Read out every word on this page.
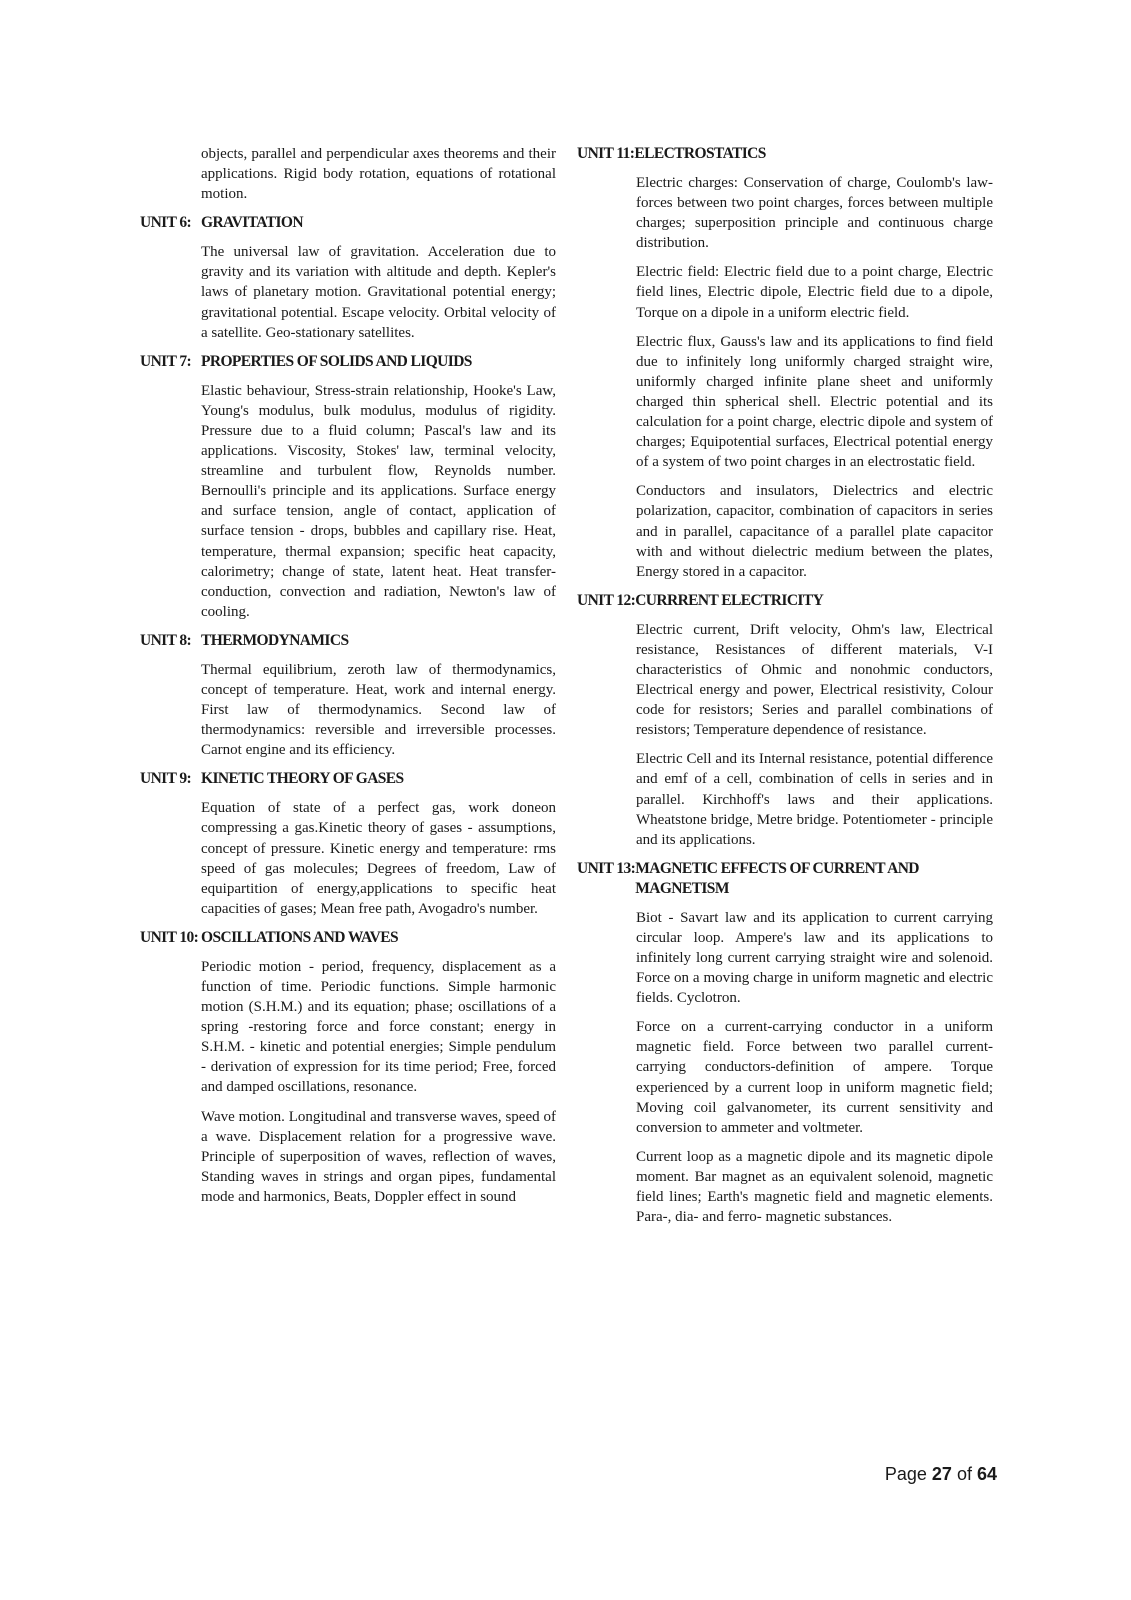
objects, parallel and perpendicular axes theorems and their applications. Rigid body rotation, equations of rotational motion.

UNIT 6: GRAVITATION

The universal law of gravitation. Acceleration due to gravity and its variation with altitude and depth. Kepler's laws of planetary motion. Gravitational potential energy; gravitational potential. Escape velocity. Orbital velocity of a satellite. Geo-stationary satellites.

UNIT 7: PROPERTIES OF SOLIDS AND LIQUIDS

Elastic behaviour, Stress-strain relationship, Hooke's Law, Young's modulus, bulk modulus, modulus of rigidity. Pressure due to a fluid column; Pascal's law and its applications. Viscosity, Stokes' law, terminal velocity, streamline and turbulent flow, Reynolds number. Bernoulli's principle and its applications. Surface energy and surface tension, angle of contact, application of surface tension - drops, bubbles and capillary rise. Heat, temperature, thermal expansion; specific heat capacity, calorimetry; change of state, latent heat. Heat transfer-conduction, convection and radiation, Newton's law of cooling.

UNIT 8: THERMODYNAMICS

Thermal equilibrium, zeroth law of thermodynamics, concept of temperature. Heat, work and internal energy. First law of thermodynamics. Second law of thermodynamics: reversible and irreversible processes. Carnot engine and its efficiency.

UNIT 9: KINETIC THEORY OF GASES

Equation of state of a perfect gas, work doneon compressing a gas.Kinetic theory of gases - assumptions, concept of pressure. Kinetic energy and temperature: rms speed of gas molecules; Degrees of freedom, Law of equipartition of energy,applications to specific heat capacities of gases; Mean free path, Avogadro's number.

UNIT 10: OSCILLATIONS AND WAVES

Periodic motion - period, frequency, displacement as a function of time. Periodic functions. Simple harmonic motion (S.H.M.) and its equation; phase; oscillations of a spring -restoring force and force constant; energy in S.H.M. - kinetic and potential energies; Simple pendulum - derivation of expression for its time period; Free, forced and damped oscillations, resonance.

Wave motion. Longitudinal and transverse waves, speed of a wave. Displacement relation for a progressive wave. Principle of superposition of waves, reflection of waves, Standing waves in strings and organ pipes, fundamental mode and harmonics, Beats, Doppler effect in sound

UNIT 11: ELECTROSTATICS

Electric charges: Conservation of charge, Coulomb's law-forces between two point charges, forces between multiple charges; superposition principle and continuous charge distribution.

Electric field: Electric field due to a point charge, Electric field lines, Electric dipole, Electric field due to a dipole, Torque on a dipole in a uniform electric field.

Electric flux, Gauss's law and its applications to find field due to infinitely long uniformly charged straight wire, uniformly charged infinite plane sheet and uniformly charged thin spherical shell. Electric potential and its calculation for a point charge, electric dipole and system of charges; Equipotential surfaces, Electrical potential energy of a system of two point charges in an electrostatic field.

Conductors and insulators, Dielectrics and electric polarization, capacitor, combination of capacitors in series and in parallel, capacitance of a parallel plate capacitor with and without dielectric medium between the plates, Energy stored in a capacitor.

UNIT 12: CURRRENT ELECTRICITY

Electric current, Drift velocity, Ohm's law, Electrical resistance, Resistances of different materials, V-I characteristics of Ohmic and nonohmic conductors, Electrical energy and power, Electrical resistivity, Colour code for resistors; Series and parallel combinations of resistors; Temperature dependence of resistance.

Electric Cell and its Internal resistance, potential difference and emf of a cell, combination of cells in series and in parallel. Kirchhoff's laws and their applications. Wheatstone bridge, Metre bridge. Potentiometer - principle and its applications.

UNIT 13: MAGNETIC EFFECTS OF CURRENT AND MAGNETISM

Biot - Savart law and its application to current carrying circular loop. Ampere's law and its applications to infinitely long current carrying straight wire and solenoid. Force on a moving charge in uniform magnetic and electric fields. Cyclotron.

Force on a current-carrying conductor in a uniform magnetic field. Force between two parallel current-carrying conductors-definition of ampere. Torque experienced by a current loop in uniform magnetic field; Moving coil galvanometer, its current sensitivity and conversion to ammeter and voltmeter.

Current loop as a magnetic dipole and its magnetic dipole moment. Bar magnet as an equivalent solenoid, magnetic field lines; Earth's magnetic field and magnetic elements. Para-, dia- and ferro- magnetic substances.

Page 27 of 64
